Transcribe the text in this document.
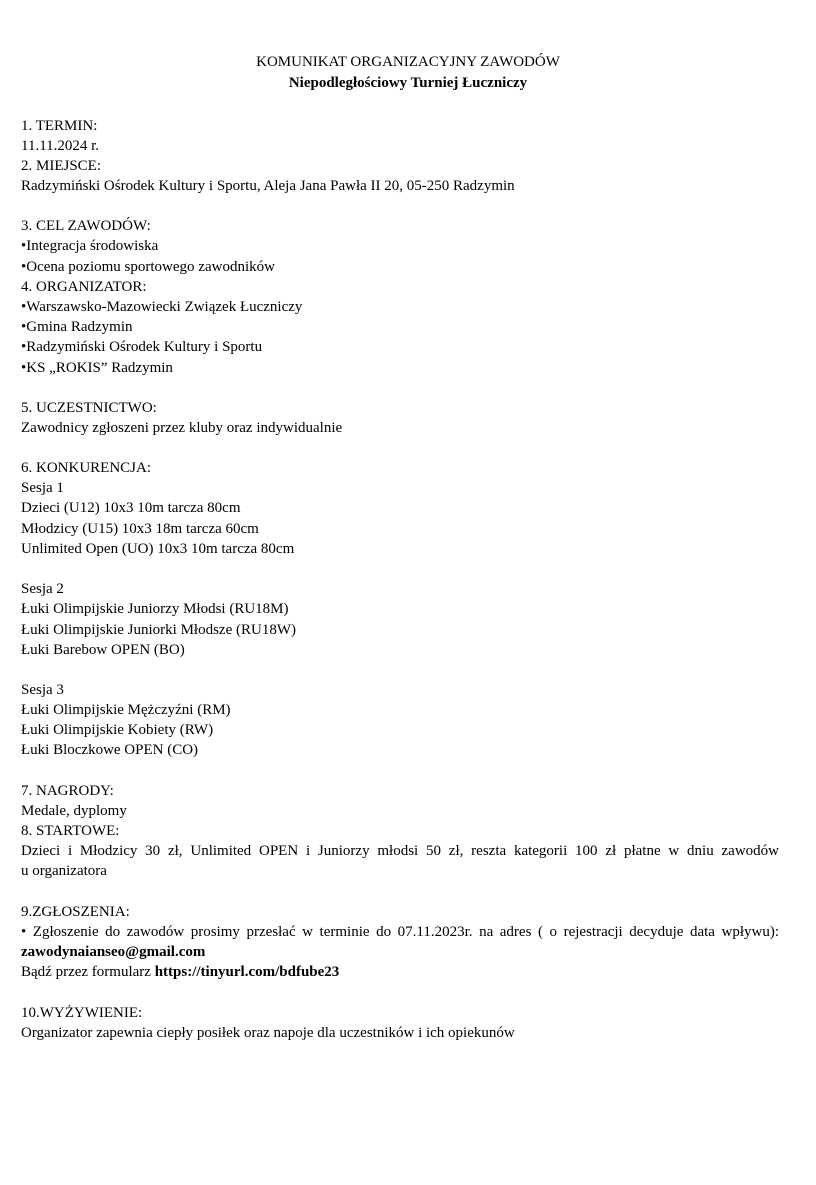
KOMUNIKAT ORGANIZACYJNY ZAWODÓW
Niepodległościowy Turniej Łuczniczy
1. TERMIN:
11.11.2024 r.
2. MIEJSCE:
Radzymiński Ośrodek Kultury i Sportu, Aleja Jana Pawła II 20, 05-250 Radzymin
3. CEL ZAWODÓW:
•Integracja środowiska
•Ocena poziomu sportowego zawodników
4. ORGANIZATOR:
•Warszawsko-Mazowiecki Związek Łuczniczy
•Gmina Radzymin
•Radzymiński Ośrodek Kultury i Sportu
•KS „ROKIS” Radzymin
5. UCZESTNICTWO:
Zawodnicy zgłoszeni przez kluby oraz indywidualnie
6. KONKURENCJA:
Sesja 1
Dzieci (U12) 10x3 10m tarcza 80cm
Młodzicy (U15) 10x3 18m tarcza 60cm
Unlimited Open (UO) 10x3 10m tarcza 80cm
Sesja 2
Łuki Olimpijskie Juniorzy Młodsi (RU18M)
Łuki Olimpijskie Juniorki Młodsze (RU18W)
Łuki Barebow OPEN (BO)
Sesja 3
Łuki Olimpijskie Mężczyźni (RM)
Łuki Olimpijskie Kobiety (RW)
Łuki Bloczkowe OPEN (CO)
7. NAGRODY:
Medale, dyplomy
8. STARTOWE:
Dzieci i Młodzicy 30 zł, Unlimited OPEN i Juniorzy młodsi 50 zł, reszta kategorii 100 zł płatne w dniu zawodów
u organizatora
9.ZGŁOSZENIA:
• Zgłoszenie do zawodów prosimy przesłać w terminie do 07.11.2023r. na adres ( o rejestracji decyduje data wpływu):
zawodynaianseo@gmail.com
Bądź przez formularz https://tinyurl.com/bdfube23
10.WYŻYWIENIE:
Organizator zapewnia ciepły posiłek oraz napoje dla uczestników i ich opiekunów
